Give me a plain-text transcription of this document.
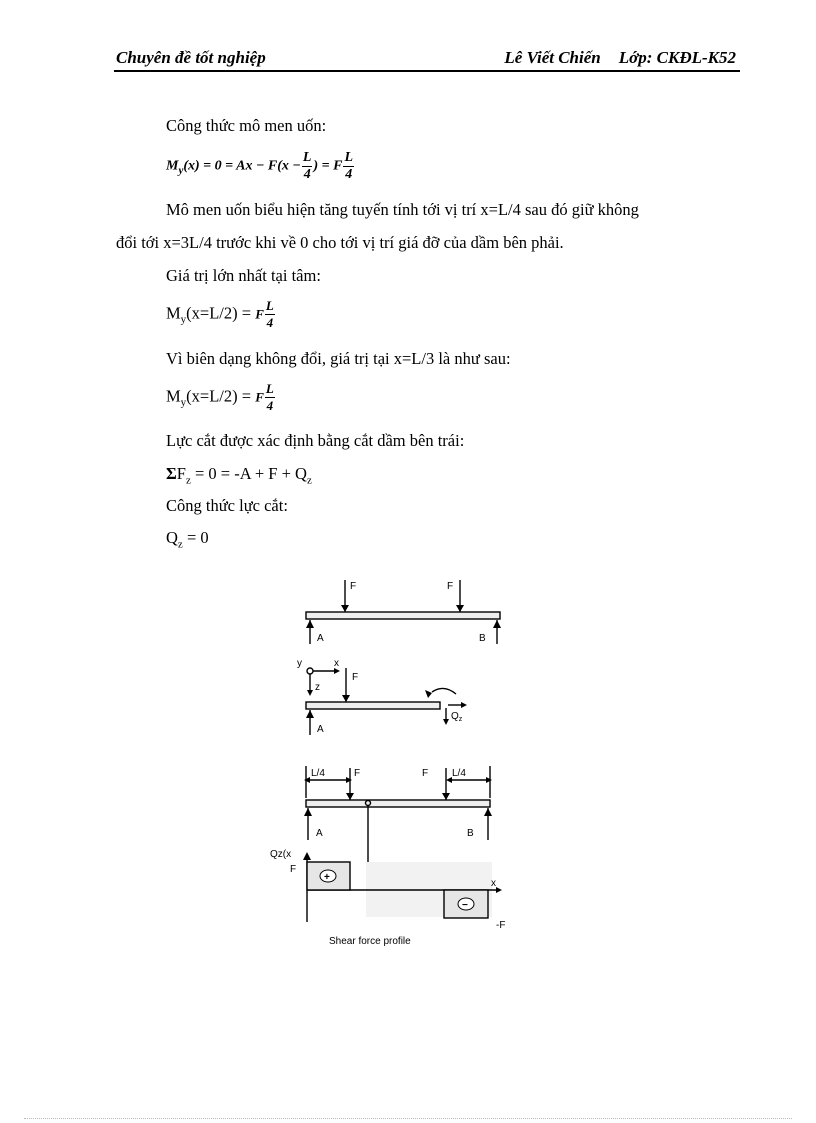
Chuyên đề tốt nghiệp	Lê Viết Chiến Lớp: CKĐL-K52
Công thức mô men uốn:
$M_y(x) = 0 = Ax - F(x - \frac{L}{4}$ ) = F $\frac{L}{4}$
Mô men uốn biểu hiện tăng tuyến tính tới vị trí x=L/4 sau đó giữ không
đổi tới x=3L/4 trước khi về 0 cho tới vị trí giá đỡ của dầm bên phải.
Giá trị lớn nhất tại tâm:
$M_y(x=L/2) = F \frac{L}{4}$
Vì biên dạng không đổi, giá trị tại x=L/3 là như sau:
$M_y(x=L/2) = F \frac{L}{4}$
Lực cắt được xác định bằng cắt dầm bên trái:
$\Sigma F_z = 0 = -A + F + Q_z$
Công thức lực cắt:
$Q_z = 0$
F	F
A	B
y	x
z
F
A
$Q_z$
L/4	F	F L/4
A	B
Qz(x
F
x
-F
+
−
Shear force profile
